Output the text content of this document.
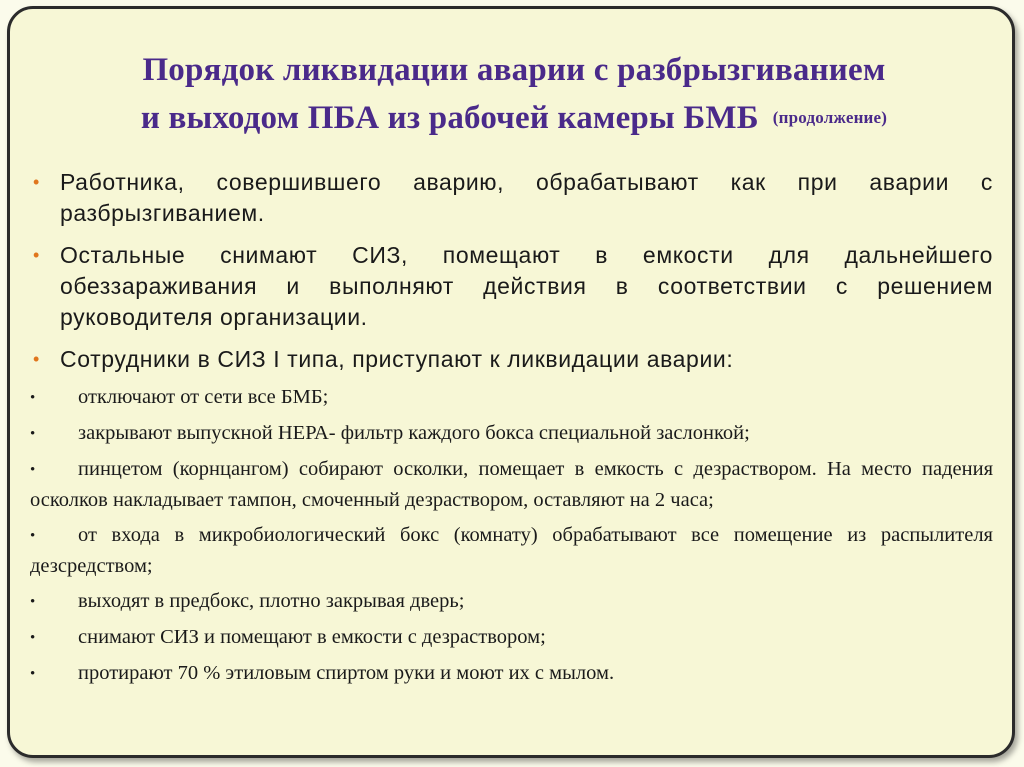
Порядок ликвидации аварии с разбрызгиванием
и выходом ПБА из рабочей камеры БМБ $^{(продолжение)}$
• Работника, совершившего аварию, обрабатывают как при аварии с разбрызгиванием.
• Остальные снимают СИЗ, помещают в емкости для дальнейшего обеззараживания и выполняют действия в соответствии с решением руководителя организации.
• Сотрудники в СИЗ I типа, приступают к ликвидации аварии:
• отключают от сети все БМБ;
• закрывают выпускной НЕРА- фильтр каждого бокса специальной заслонкой;
• пинцетом (корнцангом) собирают осколки, помещает в емкость с дезраствором. На место падения осколков накладывает тампон, смоченный дезраствором, оставляют на 2 часа;
• от входа в микробиологический бокс (комнату) обрабатывают все помещение из распылителя дезсредством;
• выходят в предбокс, плотно закрывая дверь;
• снимают СИЗ и помещают в емкости с дезраствором;
• протирают 70 % этиловым спиртом руки и моют их с мылом.
